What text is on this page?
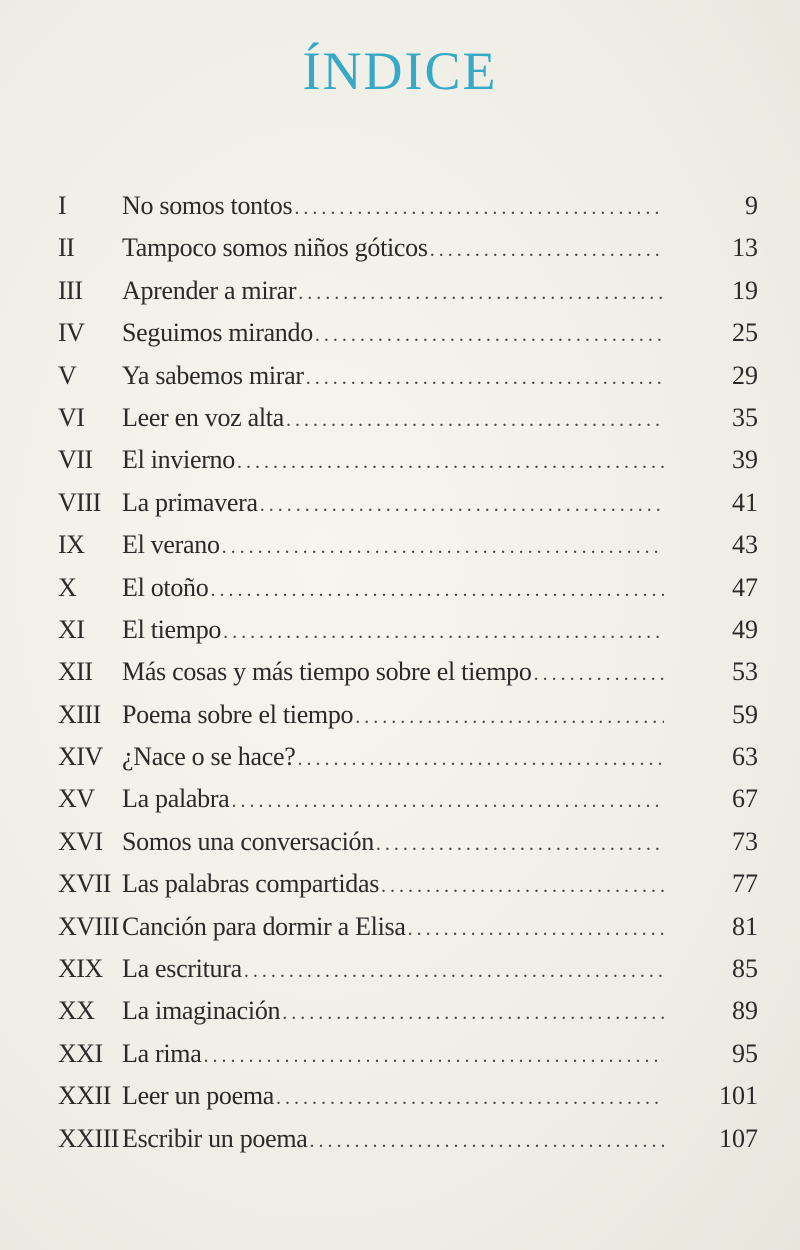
ÍNDICE
I	No somos tontos .....	9
II	Tampoco somos niños góticos .....	13
III	Aprender a mirar .....	19
IV	Seguimos mirando .....	25
V	Ya sabemos mirar .....	29
VI	Leer en voz alta .....	35
VII	El invierno .....	39
VIII La primavera .....	41
IX	El verano .....	43
X	El otoño .....	47
XI	El tiempo .....	49
XII	Más cosas y más tiempo sobre el tiempo .....	53
XIII Poema sobre el tiempo .....	59
XIV ¿Nace o se hace? .....	63
XV	La palabra .....	67
XVI Somos una conversación .....	73
XVII Las palabras compartidas .....	77
XVIII Canción para dormir a Elisa .....	81
XIX La escritura .....	85
XX	La imaginación .....	89
XXI La rima .....	95
XXII Leer un poema .....	101
XXIII Escribir un poema .....	107
